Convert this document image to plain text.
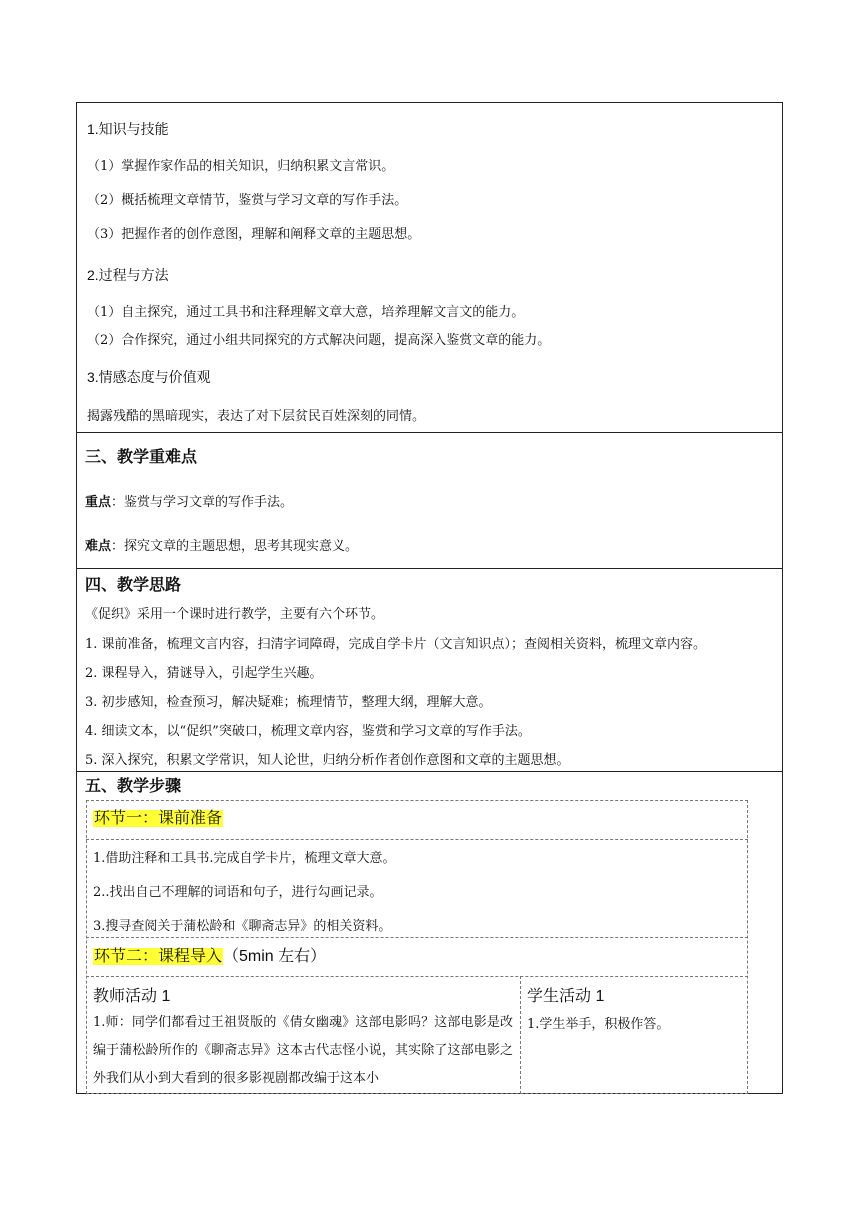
1.知识与技能
（1）掌握作家作品的相关知识，归纳积累文言常识。
（2）概括梳理文章情节，鉴赏与学习文章的写作手法。
（3）把握作者的创作意图，理解和阐释文章的主题思想。
2.过程与方法
（1）自主探究，通过工具书和注释理解文章大意，培养理解文言文的能力。
（2）合作探究，通过小组共同探究的方式解决问题，提高深入鉴赏文章的能力。
3.情感态度与价值观
揭露残酷的黑暗现实，表达了对下层贫民百姓深刻的同情。
三、教学重难点
重点：鉴赏与学习文章的写作手法。
难点：探究文章的主题思想，思考其现实意义。
四、教学思路
《促织》采用一个课时进行教学，主要有六个环节。
1. 课前准备，梳理文言内容，扫清字词障碍，完成自学卡片（文言知识点）；查阅相关资料，梳理文章内容。
2. 课程导入，猜谜导入，引起学生兴趣。
3. 初步感知，检查预习，解决疑难；梳理情节，整理大纲，理解大意。
4. 细读文本，以“促织”突破口，梳理文章内容，鉴赏和学习文章的写作手法。
5. 深入探究，积累文学常识，知人论世，归纳分析作者创作意图和文章的主题思想。
五、教学步骤
环节一：课前准备
1.借助注释和工具书.完成自学卡片，梳理文章大意。
2..找出自己不理解的词语和句子，进行勾画记录。
3.搜寻查阅关于蒲松龄和《聊斋志异》的相关资料。
环节二：课程导入（5min 左右）
教师活动 1
1.师：同学们都看过王祖贤版的《倩女幽魂》这部电影吗？这部电影是改编于蒲松龄所作的《聊斋志异》这本古代志怪小说，其实除了这部电影之外我们从小到大看到的很多影视剧都改编于这本小
学生活动 1
1.学生举手，积极作答。
